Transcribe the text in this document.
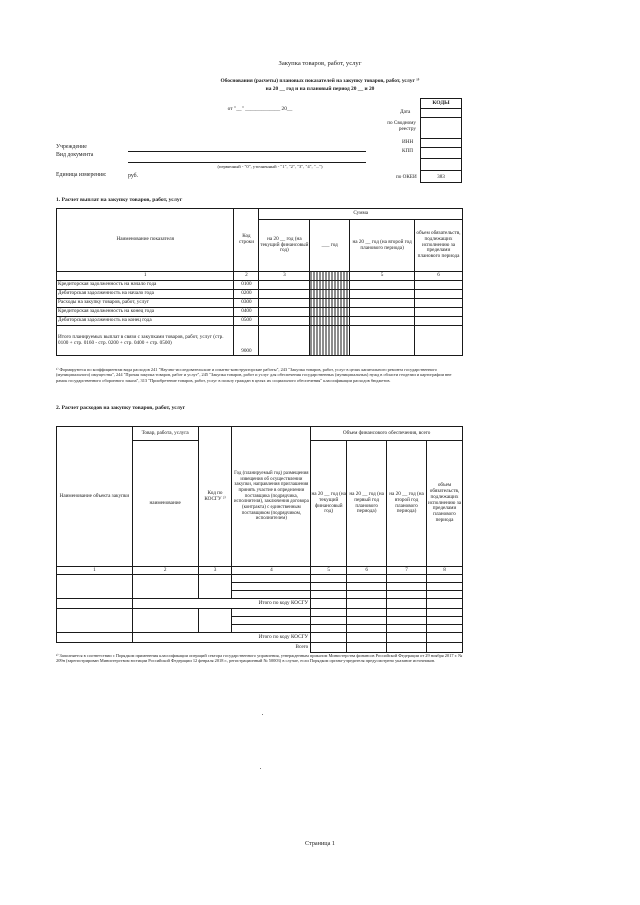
Закупка товаров, работ, услуг
Обоснования (расчеты) плановых показателей на закупку товаров, работ, услуг ¹⁾
на 20 __ год и на плановый период 20 __ и 20
от "__" _____________ 20__
КОДЫ
Дата
по Сводному реестру
ИНН
КПП
по ОКЕИ	383
Учреждение
Вид документа
(первичный - "0", уточненный - "1", "2", "3", "4", "...")
Единица измерения:	руб.
1. Расчет выплат на закупку товаров, работ, услуг
Наименование показателя	Код строки	Сумма			
		на 20 __ год (на текущий финансовый год)	___ год	на 20 __ год (на второй год планового периода)	объем обязательств, подлежащих исполнению за пределами планового периода
1	2	3		5	6
Кредиторская задолженность на начало года	0100				
Дебиторская задолженность на начало года	0200				
Расходы на закупку товаров, работ, услуг	0300				
Кредиторская задолженность на конец года	0400				
Дебиторская задолженность на конец года	0500				
Итого планируемых выплат в связи с закупками товаров, работ, услуг (стр. 0100 + стр. 0160 - стр. 0200 + стр. 0400 + стр. 0500)	9000				
¹⁾ Формируются по коэффициентам вида расходов 241 "Научно-исследовательские и опытно-конструкторские работы", 243 "Закупка товаров, работ, услуг в целях капитального ремонта государственного (муниципального) имущества", 244 "Прочая закупка товаров, работ и услуг", 245 "Закупка товаров, работ и услуг для обеспечения государственных (муниципальных) нужд в области геодезии и картографии вне рамок государственного оборонного заказа", 313 "Приобретение товаров, работ, услуг в пользу граждан в целях их социального обеспечения" классификации расходов бюджетов.
2. Расчет расходов на закупку товаров, работ, услуг
Наименование объекта закупки	Товар, работа, услуга	Код по КОСГУ ²⁾	Год (планируемый год) размещения извещения об осуществлении закупки, направления приглашения принять участие в определении поставщика (подрядчика, исполнителя), заключения договора (контракта) с единственным поставщиком (подрядчиком, исполнителем)	Объем финансового обеспечения, всего			
	наименование			на 20 __ год (на текущий финансовый год)	на 20 __ год (на первый год планового периода)	на 20 __ год (на второй год планового периода)	объем обязательств, подлежащих исполнению за пределами планового периода
1	2	3	4	5	6	7	8

	Итого по коду КОСГУ						

	Итого по коду КОСГУ						
Всего							
²⁾ Заполняется в соответствии с Порядком применения классификации операций сектора государственного управления, утвержденным приказом Министерства финансов Российской Федерации от 29 ноября 2017 г. № 209н (зарегистрирован Министерством юстиции Российской Федерации 12 февраля 2018 г., регистрационный № 50003) в случае, если Порядком органа-учредителя предусмотрено указание источников.
Страница 1
